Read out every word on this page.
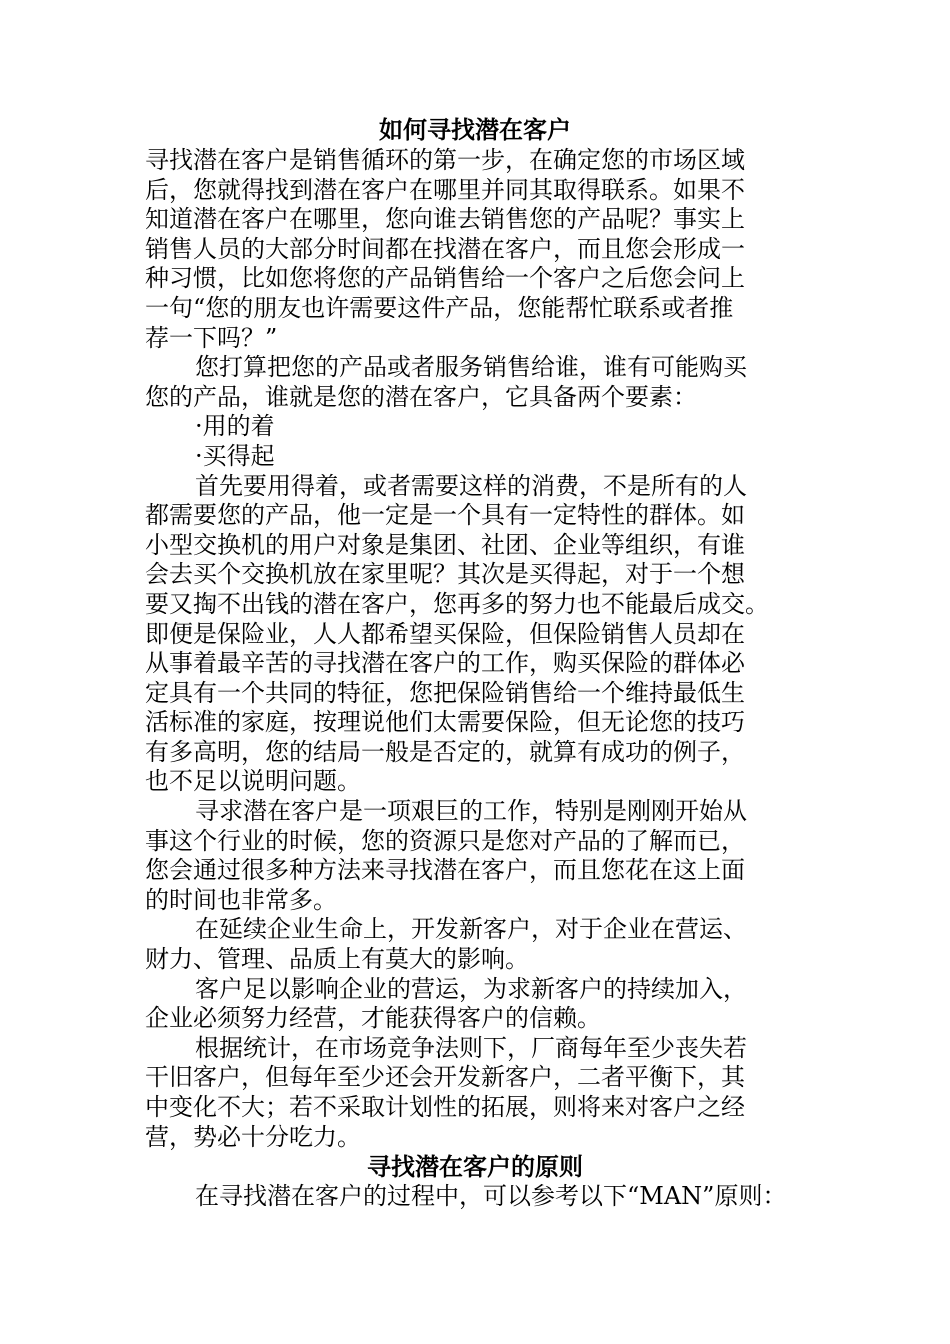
如何寻找潜在客户
寻找潜在客户是销售循环的第一步，在确定您的市场区域
后，您就得找到潜在客户在哪里并同其取得联系。如果不
知道潜在客户在哪里，您向谁去销售您的产品呢？事实上
销售人员的大部分时间都在找潜在客户，而且您会形成一
种习惯，比如您将您的产品销售给一个客户之后您会问上
一句“您的朋友也许需要这件产品，您能帮忙联系或者推
荐一下吗？”
您打算把您的产品或者服务销售给谁，谁有可能购买
您的产品，谁就是您的潜在客户，它具备两个要素：
·用的着
·买得起
首先要用得着，或者需要这样的消费，不是所有的人
都需要您的产品，他一定是一个具有一定特性的群体。如
小型交换机的用户对象是集团、社团、企业等组织，有谁
会去买个交换机放在家里呢？其次是买得起，对于一个想
要又掏不出钱的潜在客户，您再多的努力也不能最后成交。
即便是保险业，人人都希望买保险，但保险销售人员却在
从事着最辛苦的寻找潜在客户的工作，购买保险的群体必
定具有一个共同的特征，您把保险销售给一个维持最低生
活标准的家庭，按理说他们太需要保险，但无论您的技巧
有多高明，您的结局一般是否定的，就算有成功的例子，
也不足以说明问题。
寻求潜在客户是一项艰巨的工作，特别是刚刚开始从
事这个行业的时候，您的资源只是您对产品的了解而已，
您会通过很多种方法来寻找潜在客户，而且您花在这上面
的时间也非常多。
在延续企业生命上，开发新客户，对于企业在营运、
财力、管理、品质上有莫大的影响。
客户足以影响企业的营运，为求新客户的持续加入，
企业必须努力经营，才能获得客户的信赖。
根据统计，在市场竞争法则下，厂商每年至少丧失若
干旧客户，但每年至少还会开发新客户，二者平衡下，其
中变化不大；若不采取计划性的拓展，则将来对客户之经
营，势必十分吃力。
寻找潜在客户的原则
在寻找潜在客户的过程中，可以参考以下“MAN”原则：
